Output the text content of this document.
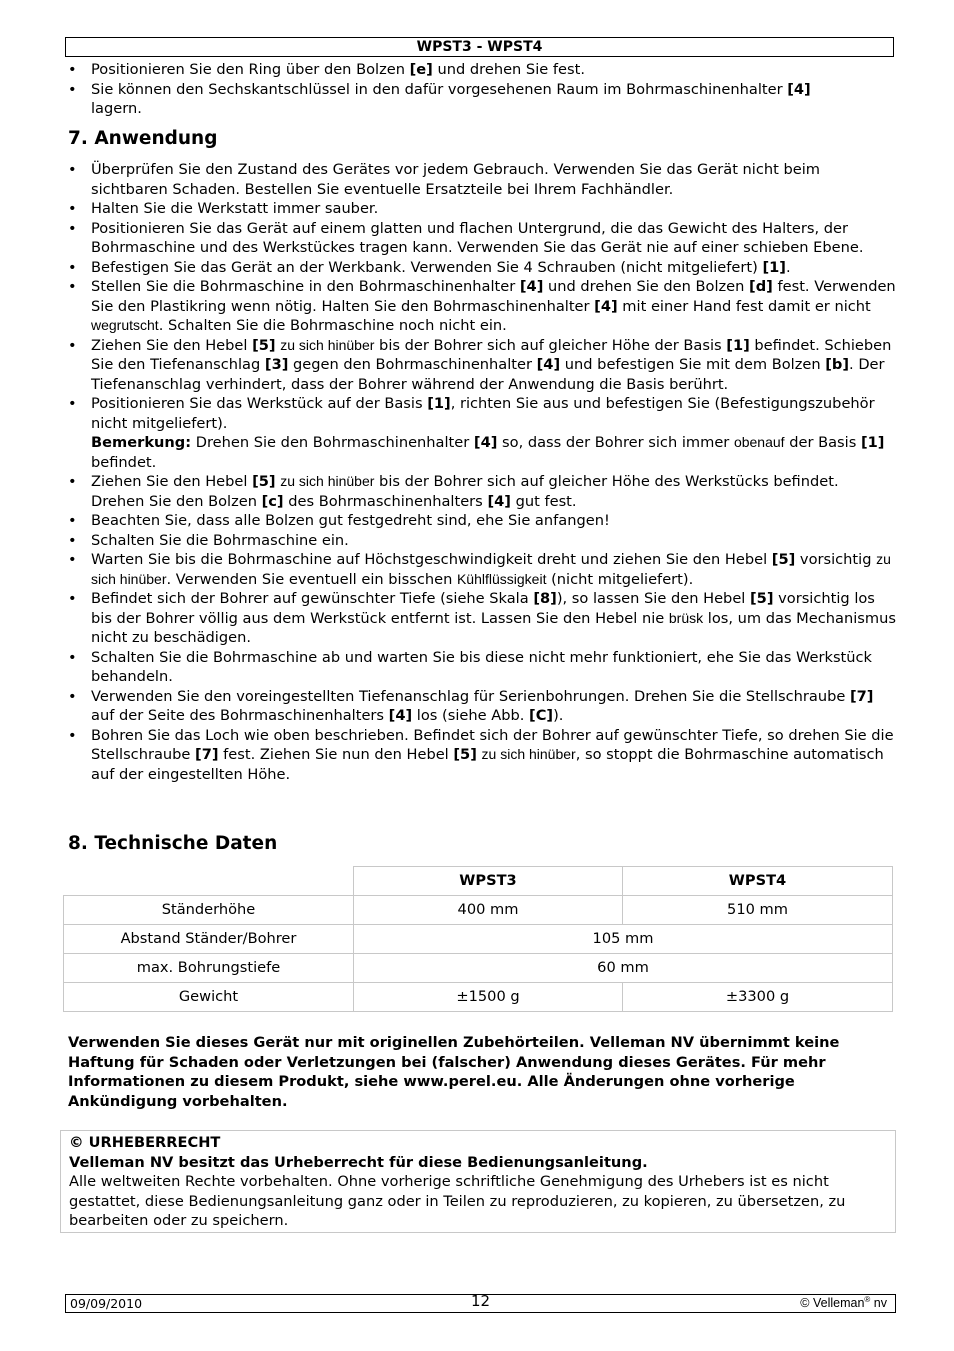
WPST3 - WPST4
• Positionieren Sie den Ring über den Bolzen [e] und drehen Sie fest.
• Sie können den Sechskantschlüssel in den dafür vorgesehenen Raum im Bohrmaschinenhalter [4] lagern.
7. Anwendung
• Überprüfen Sie den Zustand des Gerätes vor jedem Gebrauch. Verwenden Sie das Gerät nicht beim sichtbaren Schaden. Bestellen Sie eventuelle Ersatzteile bei Ihrem Fachhändler.
• Halten Sie die Werkstatt immer sauber.
• Positionieren Sie das Gerät auf einem glatten und flachen Untergrund, die das Gewicht des Halters, der Bohrmaschine und des Werkstückes tragen kann. Verwenden Sie das Gerät nie auf einer schieben Ebene.
• Befestigen Sie das Gerät an der Werkbank. Verwenden Sie 4 Schrauben (nicht mitgeliefert) [1].
• Stellen Sie die Bohrmaschine in den Bohrmaschinenhalter [4] und drehen Sie den Bolzen [d] fest. Verwenden Sie den Plastikring wenn nötig. Halten Sie den Bohrmaschinenhalter [4] mit einer Hand fest damit er nicht wegrutscht. Schalten Sie die Bohrmaschine noch nicht ein.
• Ziehen Sie den Hebel [5] zu sich hinüber bis der Bohrer sich auf gleicher Höhe der Basis [1] befindet. Schieben Sie den Tiefenanschlag [3] gegen den Bohrmaschinenhalter [4] und befestigen Sie mit dem Bolzen [b]. Der Tiefenanschlag verhindert, dass der Bohrer während der Anwendung die Basis berührt.
• Positionieren Sie das Werkstück auf der Basis [1], richten Sie aus und befestigen Sie (Befestigungszubehör nicht mitgeliefert).
Bemerkung: Drehen Sie den Bohrmaschinenhalter [4] so, dass der Bohrer sich immer obenauf der Basis [1] befindet.
• Ziehen Sie den Hebel [5] zu sich hinüber bis der Bohrer sich auf gleicher Höhe des Werkstücks befindet. Drehen Sie den Bolzen [c] des Bohrmaschinenhalters [4] gut fest.
• Beachten Sie, dass alle Bolzen gut festgedreht sind, ehe Sie anfangen!
• Schalten Sie die Bohrmaschine ein.
• Warten Sie bis die Bohrmaschine auf Höchstgeschwindigkeit dreht und ziehen Sie den Hebel [5] vorsichtig zu sich hinüber. Verwenden Sie eventuell ein bisschen Kühlflüssigkeit (nicht mitgeliefert).
• Befindet sich der Bohrer auf gewünschter Tiefe (siehe Skala [8]), so lassen Sie den Hebel [5] vorsichtig los bis der Bohrer völlig aus dem Werkstück entfernt ist. Lassen Sie den Hebel nie brüsk los, um das Mechanismus nicht zu beschädigen.
• Schalten Sie die Bohrmaschine ab und warten Sie bis diese nicht mehr funktioniert, ehe Sie das Werkstück behandeln.
• Verwenden Sie den voreingestellten Tiefenanschlag für Serienbohrungen. Drehen Sie die Stellschraube [7] auf der Seite des Bohrmaschinenhalters [4] los (siehe Abb. [C]).
• Bohren Sie das Loch wie oben beschrieben. Befindet sich der Bohrer auf gewünschter Tiefe, so drehen Sie die Stellschraube [7] fest. Ziehen Sie nun den Hebel [5] zu sich hinüber, so stoppt die Bohrmaschine automatisch auf der eingestellten Höhe.
8. Technische Daten
	WPST3	WPST4
Ständerhöhe	400 mm	510 mm
Abstand Ständer/Bohrer	105 mm	
max. Bohrungstiefe	60 mm	
Gewicht	±1500 g	±3300 g
Verwenden Sie dieses Gerät nur mit originellen Zubehörteilen. Velleman NV übernimmt keine Haftung für Schaden oder Verletzungen bei (falscher) Anwendung dieses Gerätes. Für mehr Informationen zu diesem Produkt, siehe www.perel.eu. Alle Änderungen ohne vorherige Ankündigung vorbehalten.
© URHEBERRECHT
Velleman NV besitzt das Urheberrecht für diese Bedienungsanleitung.
Alle weltweiten Rechte vorbehalten. Ohne vorherige schriftliche Genehmigung des Urhebers ist es nicht gestattet, diese Bedienungsanleitung ganz oder in Teilen zu reproduzieren, zu kopieren, zu übersetzen, zu bearbeiten oder zu speichern.
09/09/2010	12	© Velleman® nv
